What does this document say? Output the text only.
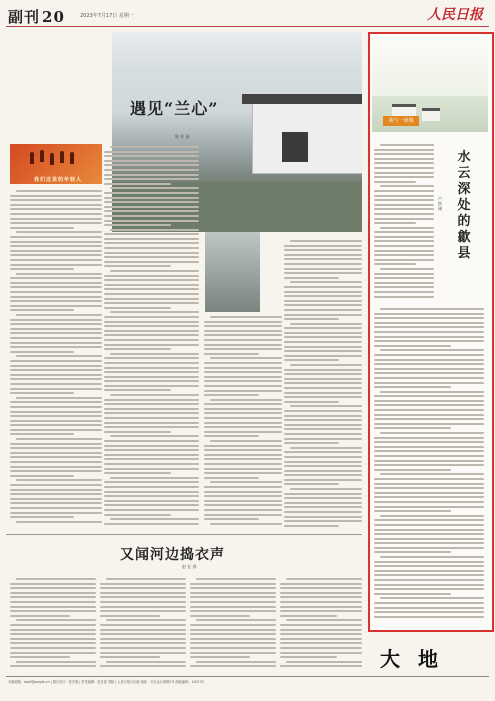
副刊 20	2023年7月17日 星期一	人民日报
遇见“兰心”
陈 亚 福
我们这里的年轻人
又闻河边捣衣声
赵 长 春
我与一座城
水云深处的歙县
卢 跃 刚
大地
本版邮箱：dadi@people.cn | 版式设计：张芳曼 | 责任编辑：赵长春 刘阳 | 人民日报社出版 地址：北京金台西路2号 邮政编码：100733
